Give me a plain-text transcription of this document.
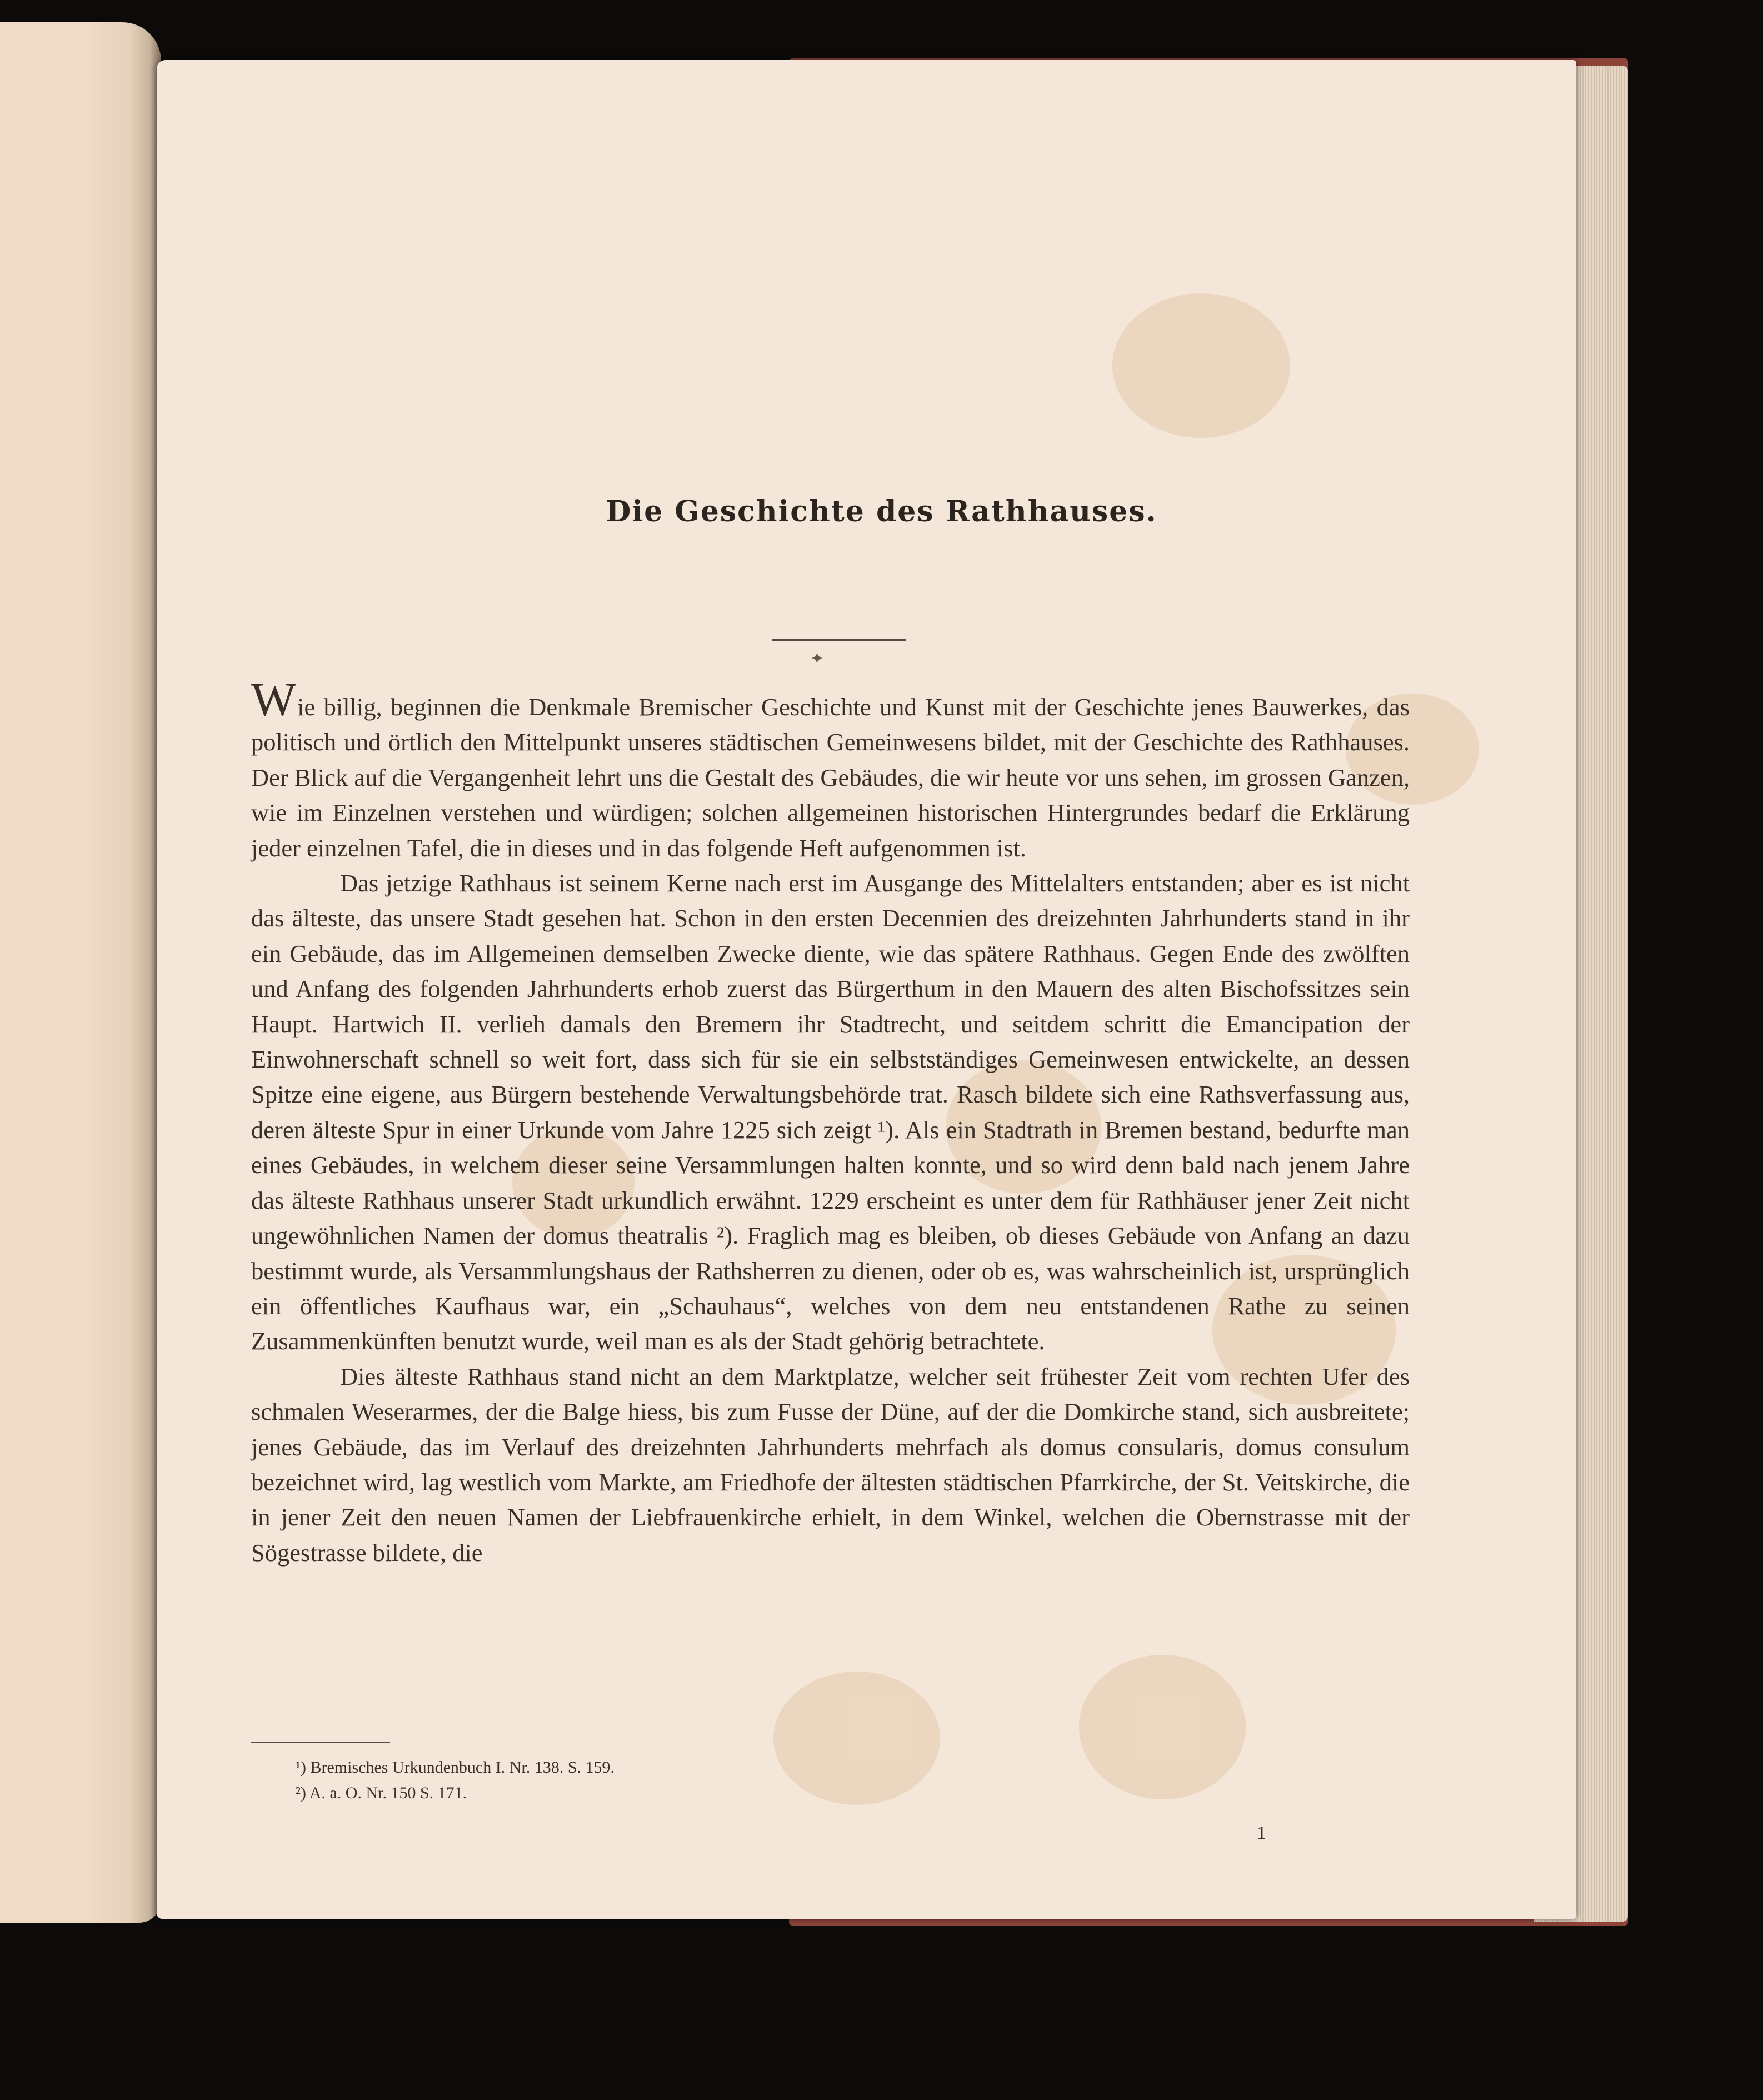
Die Geschichte des Rathhauses.
✦

Wie billig, beginnen die Denkmale Bremischer Geschichte und Kunst mit der Geschichte jenes Bauwerkes, das politisch und örtlich den Mittelpunkt unseres städtischen Gemeinwesens bildet, mit der Geschichte des Rathhauses. Der Blick auf die Vergangenheit lehrt uns die Gestalt des Gebäudes, die wir heute vor uns sehen, im grossen Ganzen, wie im Einzelnen verstehen und würdigen; solchen allgemeinen historischen Hintergrundes bedarf die Erklärung jeder einzelnen Tafel, die in dieses und in das folgende Heft aufgenommen ist.

Das jetzige Rathhaus ist seinem Kerne nach erst im Ausgange des Mittelalters entstanden; aber es ist nicht das älteste, das unsere Stadt gesehen hat. Schon in den ersten Decennien des dreizehnten Jahrhunderts stand in ihr ein Gebäude, das im Allgemeinen demselben Zwecke diente, wie das spätere Rathhaus. Gegen Ende des zwölften und Anfang des folgenden Jahrhunderts erhob zuerst das Bürgerthum in den Mauern des alten Bischofssitzes sein Haupt. Hartwich II. verlieh damals den Bremern ihr Stadtrecht, und seitdem schritt die Emancipation der Einwohnerschaft schnell so weit fort, dass sich für sie ein selbstständiges Gemeinwesen entwickelte, an dessen Spitze eine eigene, aus Bürgern bestehende Verwaltungsbehörde trat. Rasch bildete sich eine Rathsverfassung aus, deren älteste Spur in einer Urkunde vom Jahre 1225 sich zeigt ¹). Als ein Stadtrath in Bremen bestand, bedurfte man eines Gebäudes, in welchem dieser seine Versammlungen halten konnte, und so wird denn bald nach jenem Jahre das älteste Rathhaus unserer Stadt urkundlich erwähnt. 1229 erscheint es unter dem für Rathhäuser jener Zeit nicht ungewöhnlichen Namen der domus theatralis ²). Fraglich mag es bleiben, ob dieses Gebäude von Anfang an dazu bestimmt wurde, als Versammlungshaus der Rathsherren zu dienen, oder ob es, was wahrscheinlich ist, ursprünglich ein öffentliches Kaufhaus war, ein „Schauhaus“, welches von dem neu entstandenen Rathe zu seinen Zusammenkünften benutzt wurde, weil man es als der Stadt gehörig betrachtete.

Dies älteste Rathhaus stand nicht an dem Marktplatze, welcher seit frühester Zeit vom rechten Ufer des schmalen Weserarmes, der die Balge hiess, bis zum Fusse der Düne, auf der die Domkirche stand, sich ausbreitete; jenes Gebäude, das im Verlauf des dreizehnten Jahrhunderts mehrfach als domus consularis, domus consulum bezeichnet wird, lag westlich vom Markte, am Friedhofe der ältesten städtischen Pfarrkirche, der St. Veitskirche, die in jener Zeit den neuen Namen der Liebfrauenkirche erhielt, in dem Winkel, welchen die Obernstrasse mit der Sögestrasse bildete, die

¹) Bremisches Urkundenbuch I. Nr. 138. S. 159.
²) A. a. O. Nr. 150 S. 171.
1
